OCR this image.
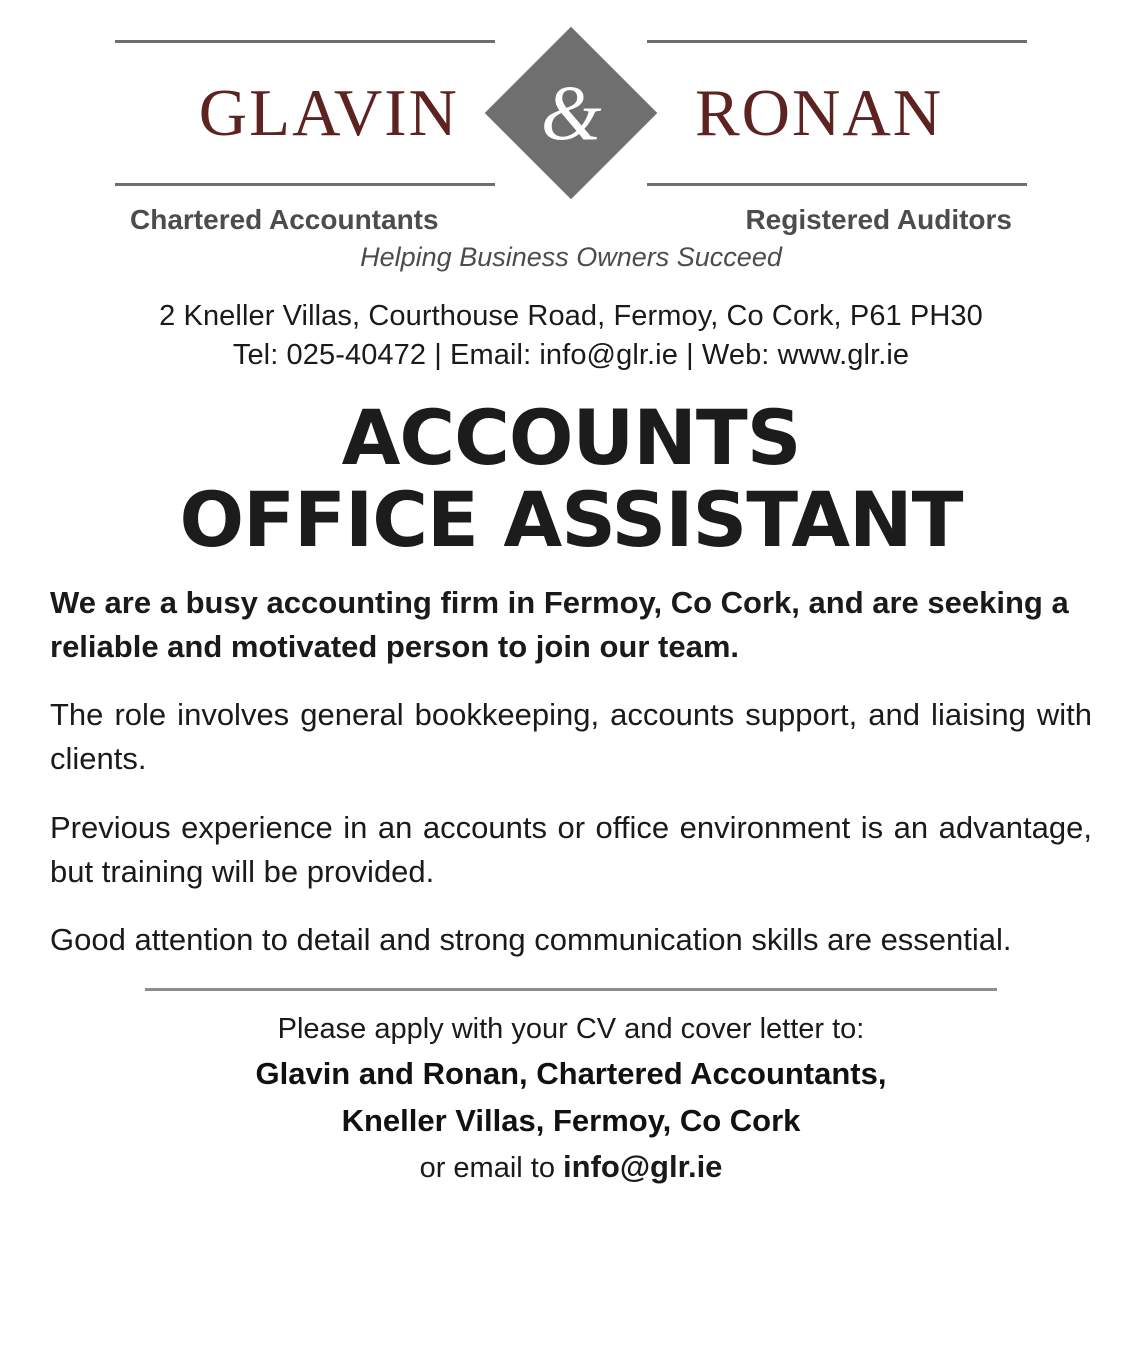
GLAVIN	RONAN
&
Chartered Accountants	Registered Auditors
Helping Business Owners Succeed
2 Kneller Villas, Courthouse Road, Fermoy, Co Cork, P61 PH30
Tel: 025-40472 | Email: info@glr.ie | Web: www.glr.ie
ACCOUNTS
OFFICE ASSISTANT

We are a busy accounting firm in Fermoy, Co Cork, and are seeking a reliable and motivated person to join our team.

The role involves general bookkeeping, accounts support, and liaising with clients.

Previous experience in an accounts or office environment is an advantage, but training will be provided.

Good attention to detail and strong communication skills are essential.

Please apply with your CV and cover letter to:
Glavin and Ronan, Chartered Accountants,
Kneller Villas, Fermoy, Co Cork
or email to info@glr.ie
